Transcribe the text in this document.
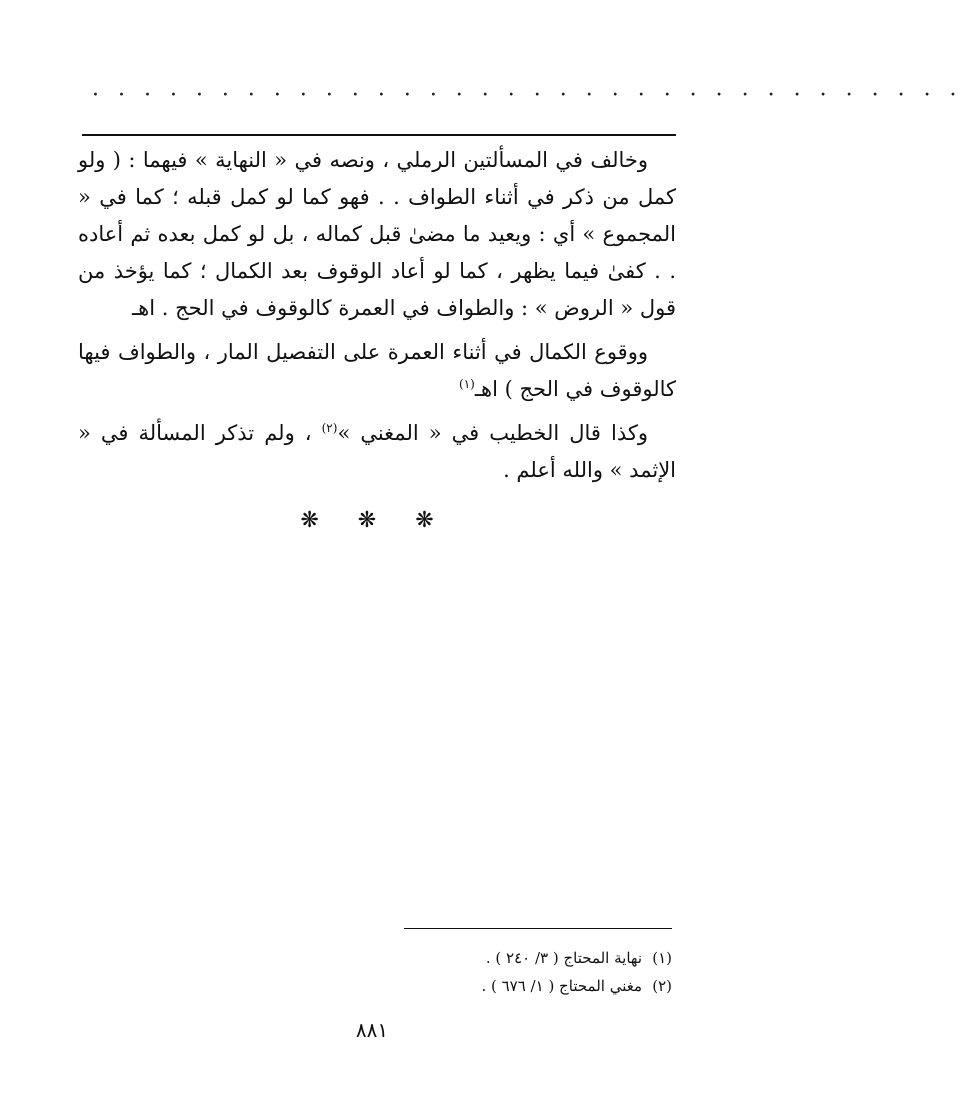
· · · · · · · · · · · · · · · · · · · · · · · · · · · · · · · · · ·

وخالف في المسألتين الرملي ، ونصه في « النهاية » فيهما : ( ولو كمل من ذكر في أثناء الطواف . . فهو كما لو كمل قبله ؛ كما في « المجموع » أي : ويعيد ما مضىٰ قبل كماله ، بل لو كمل بعده ثم أعاده . . كفىٰ فيما يظهر ، كما لو أعاد الوقوف بعد الكمال ؛ كما يؤخذ من قول « الروض » : والطواف في العمرة كالوقوف في الحج . اهـ

ووقوع الكمال في أثناء العمرة على التفصيل المار ، والطواف فيها كالوقوف في الحج ) اهـ$^{(١)}$

وكذا قال الخطيب في « المغني »$^{(٢)}$ ، ولم تذكر المسألة في « الإثمد » والله أعلم .

❋ ❋ ❋
(١)نهاية المحتاج ( ٣/ ٢٤٠ ) .
(٢)مغني المحتاج ( ١/ ٦٧٦ ) .
٨٨١
